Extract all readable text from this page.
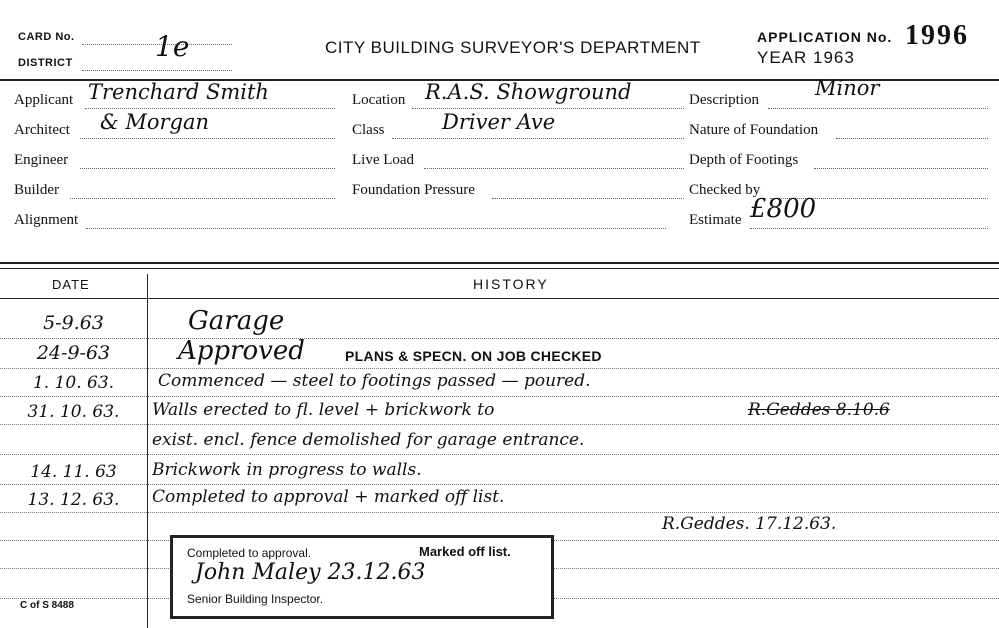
CARD No.
DISTRICT	1e	CITY BUILDING SURVEYOR'S DEPARTMENT
APPLICATION No. 1996
YEAR 1963
Applicant Trenchard Smith
Architect & Morgan
Engineer
Builder
Alignment
Location R.A.S. Showground
Class	Driver Ave
Live Load
Foundation Pressure
Description	Minor
Nature of Foundation
Depth of Footings
Checked by
Estimate £800
DATE	HISTORY
5-9.63	Garage
24-9-63	Approved	PLANS & SPECN. ON JOB CHECKED
1. 10. 63.	Commenced — steel to footings passed — poured.
31. 10. 63.	Walls erected to fl. level + brickwork to	R.Geddes 8.10.6
exist. encl. fence demolished for garage entrance.
14. 11. 63	Brickwork in progress to walls.
13. 12. 63.	Completed to approval + marked off list.
R.Geddes. 17.12.63.
Completed to approval.	Marked off list.
John Maley 23.12.63
Senior Building Inspector.
C of S 8488
